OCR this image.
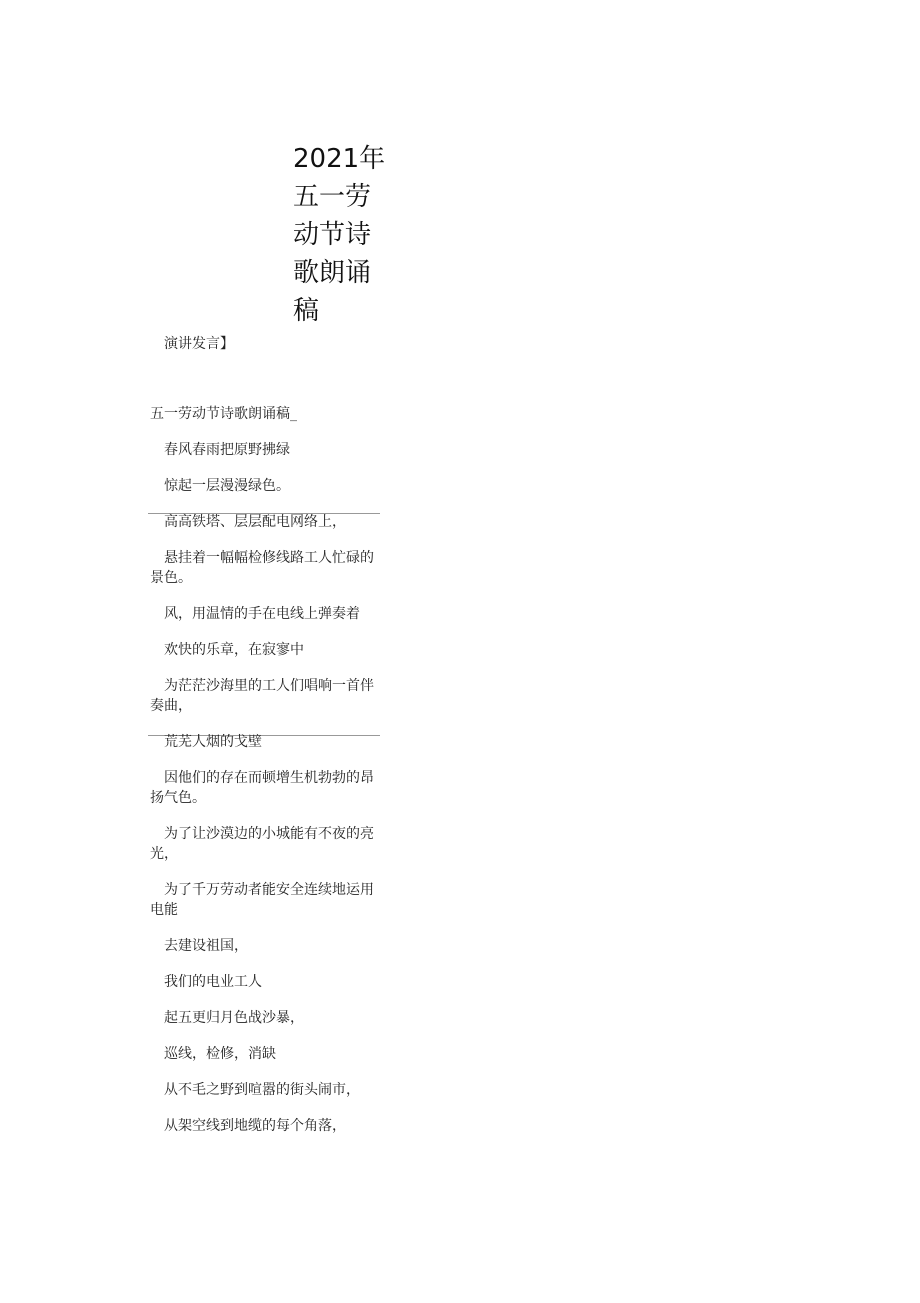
2021年五一劳动节诗歌朗诵稿

演讲发言】

五一劳动节诗歌朗诵稿_

春风春雨把原野拂绿

惊起一层漫漫绿色。

高高铁塔、层层配电网络上，

悬挂着一幅幅检修线路工人忙碌的景色。

风，用温情的手在电线上弹奏着

欢快的乐章，在寂寥中

为茫茫沙海里的工人们唱响一首伴奏曲，

荒芜人烟的戈壁

因他们的存在而顿增生机勃勃的昂扬气色。

为了让沙漠边的小城能有不夜的亮光，

为了千万劳动者能安全连续地运用电能

去建设祖国，

我们的电业工人

起五更归月色战沙暴，

巡线，检修，消缺

从不毛之野到喧嚣的街头闹市，

从架空线到地缆的每个角落，
